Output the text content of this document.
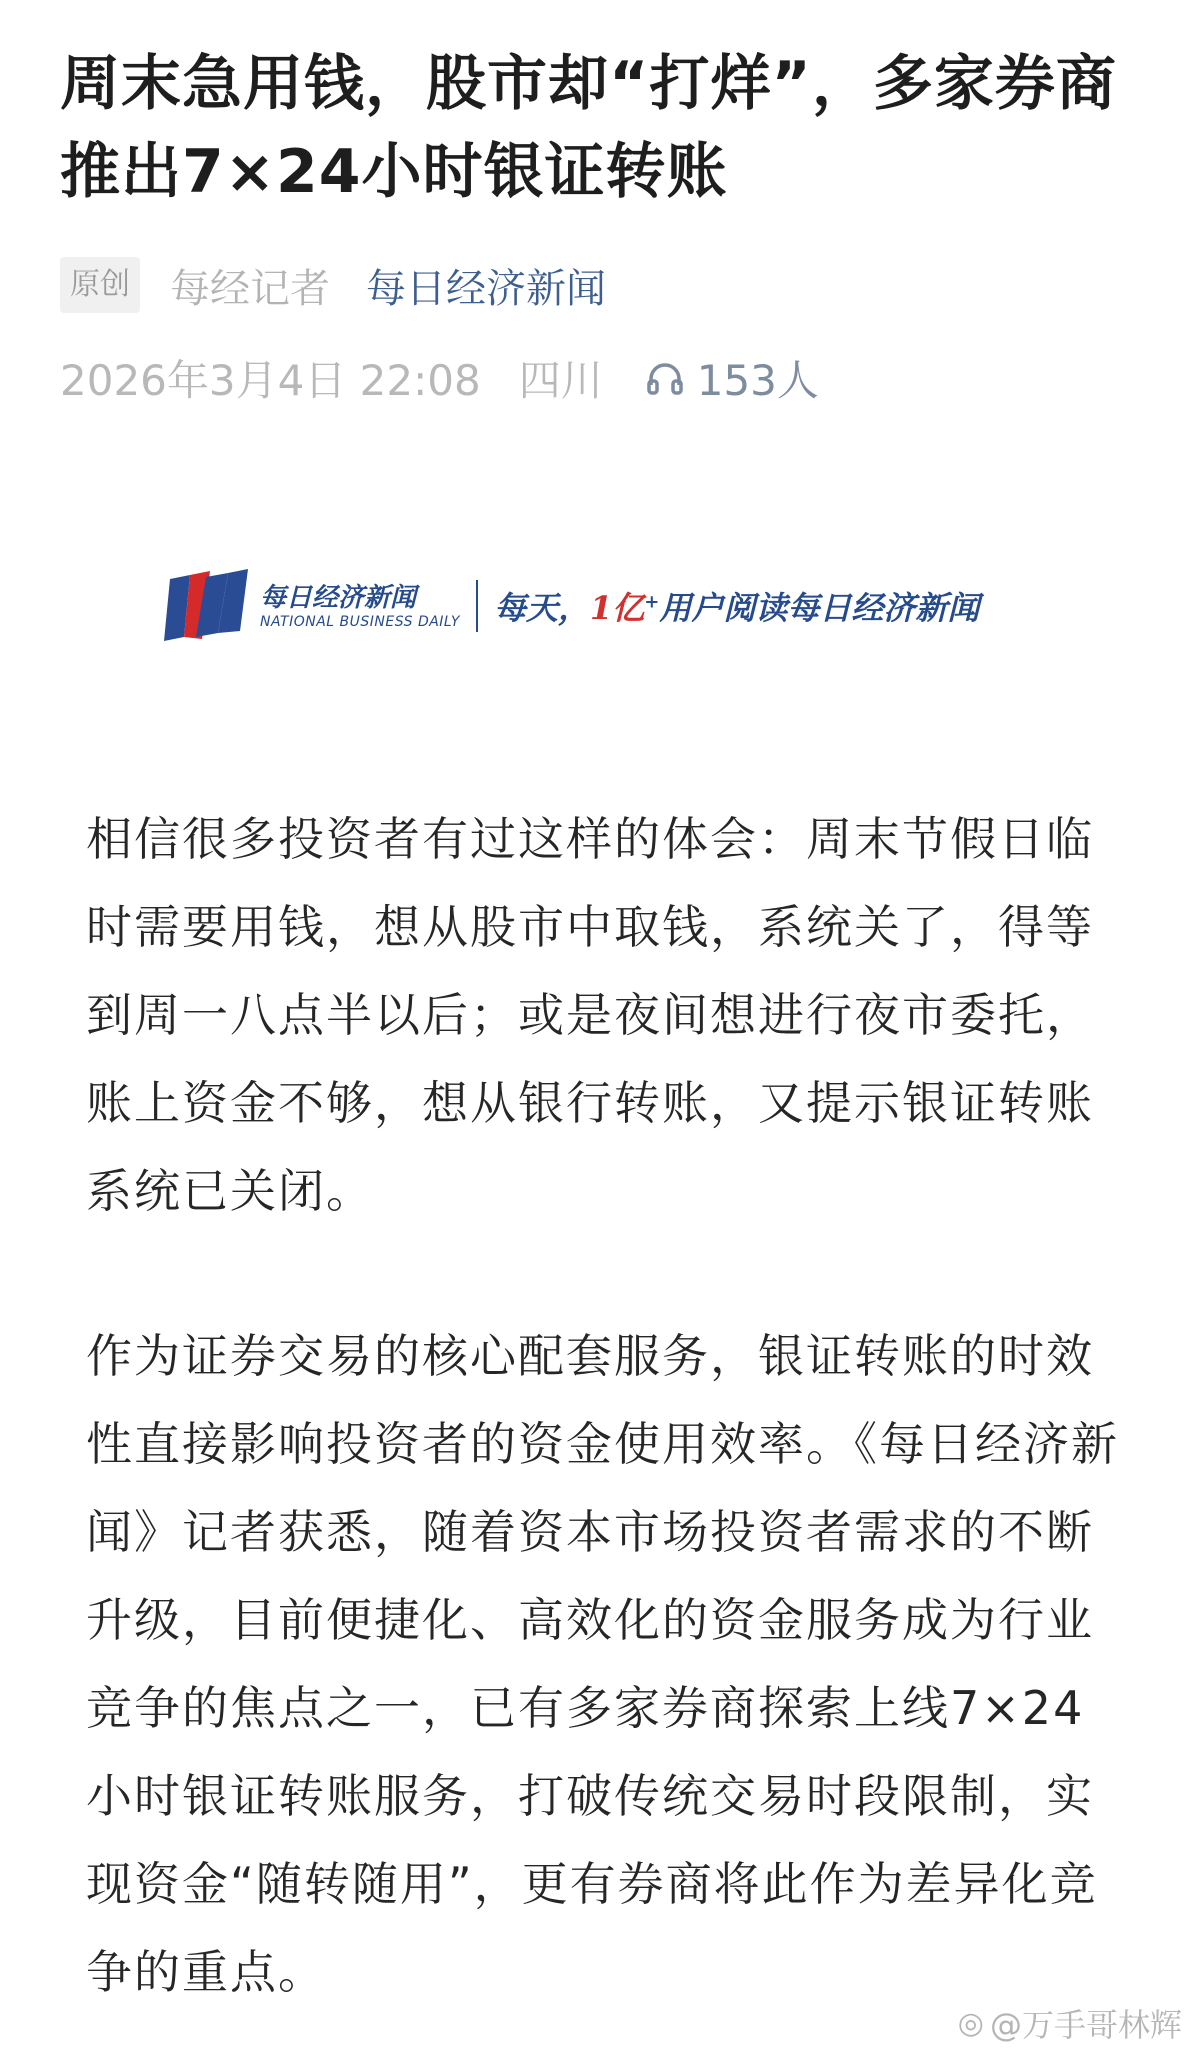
周末急用钱，股市却“打烊”，多家券商推出7×24小时银证转账
原创 每经记者 每日经济新闻
2026年3月4日 22:08 四川 153人
每日经济新闻
NATIONAL BUSINESS DAILY 每天，1亿+用户阅读每日经济新闻

相信很多投资者有过这样的体会：周末节假日临时需要用钱，想从股市中取钱，系统关了，得等到周一八点半以后；或是夜间想进行夜市委托，账上资金不够，想从银行转账，又提示银证转账系统已关闭。

作为证券交易的核心配套服务，银证转账的时效性直接影响投资者的资金使用效率。《每日经济新闻》记者获悉，随着资本市场投资者需求的不断升级，目前便捷化、高效化的资金服务成为行业竞争的焦点之一，已有多家券商探索上线7×24小时银证转账服务，打破传统交易时段限制，实现资金“随转随用”，更有券商将此作为差异化竞争的重点。

◎ @万手哥林辉
